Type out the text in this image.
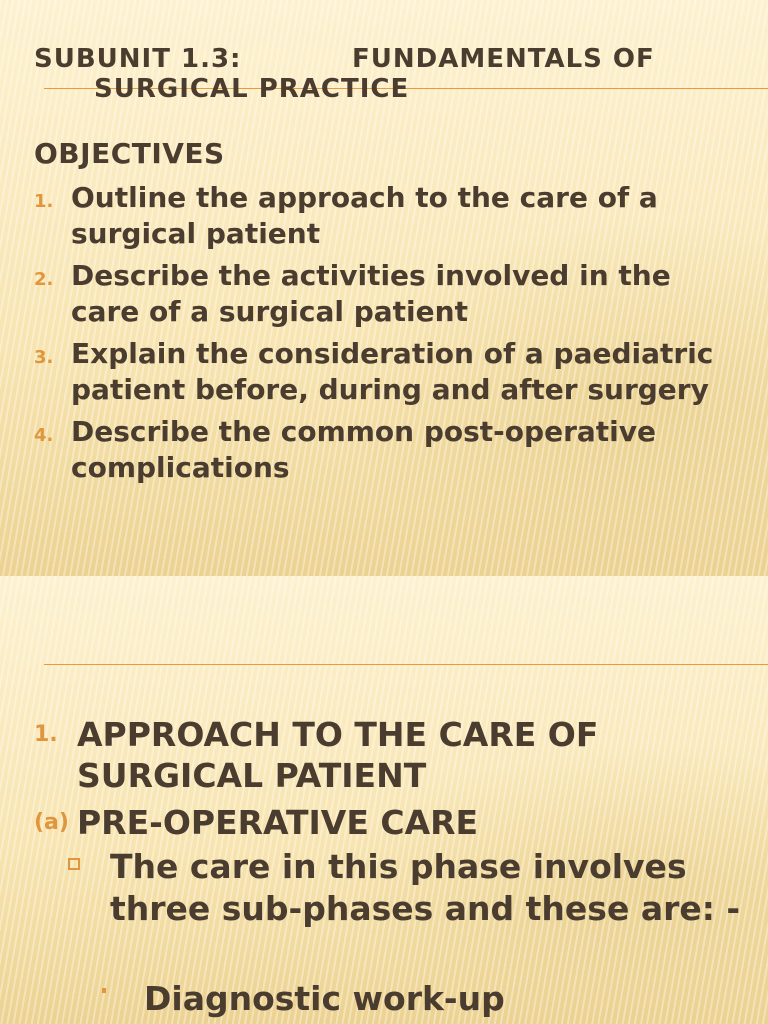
SUBUNIT 1.3:           FUNDAMENTALS OF
SURGICAL PRACTICE
OBJECTIVES
1. Outline the approach to the care of a surgical patient
2. Describe the activities involved in the care of a surgical patient
3. Explain the consideration of a paediatric patient before, during and after surgery
4. Describe the common post-operative complications
1. APPROACH TO THE CARE OF SURGICAL PATIENT
(a) PRE-OPERATIVE CARE
The care in this phase involves three sub-phases and these are: -
Diagnostic work-up
